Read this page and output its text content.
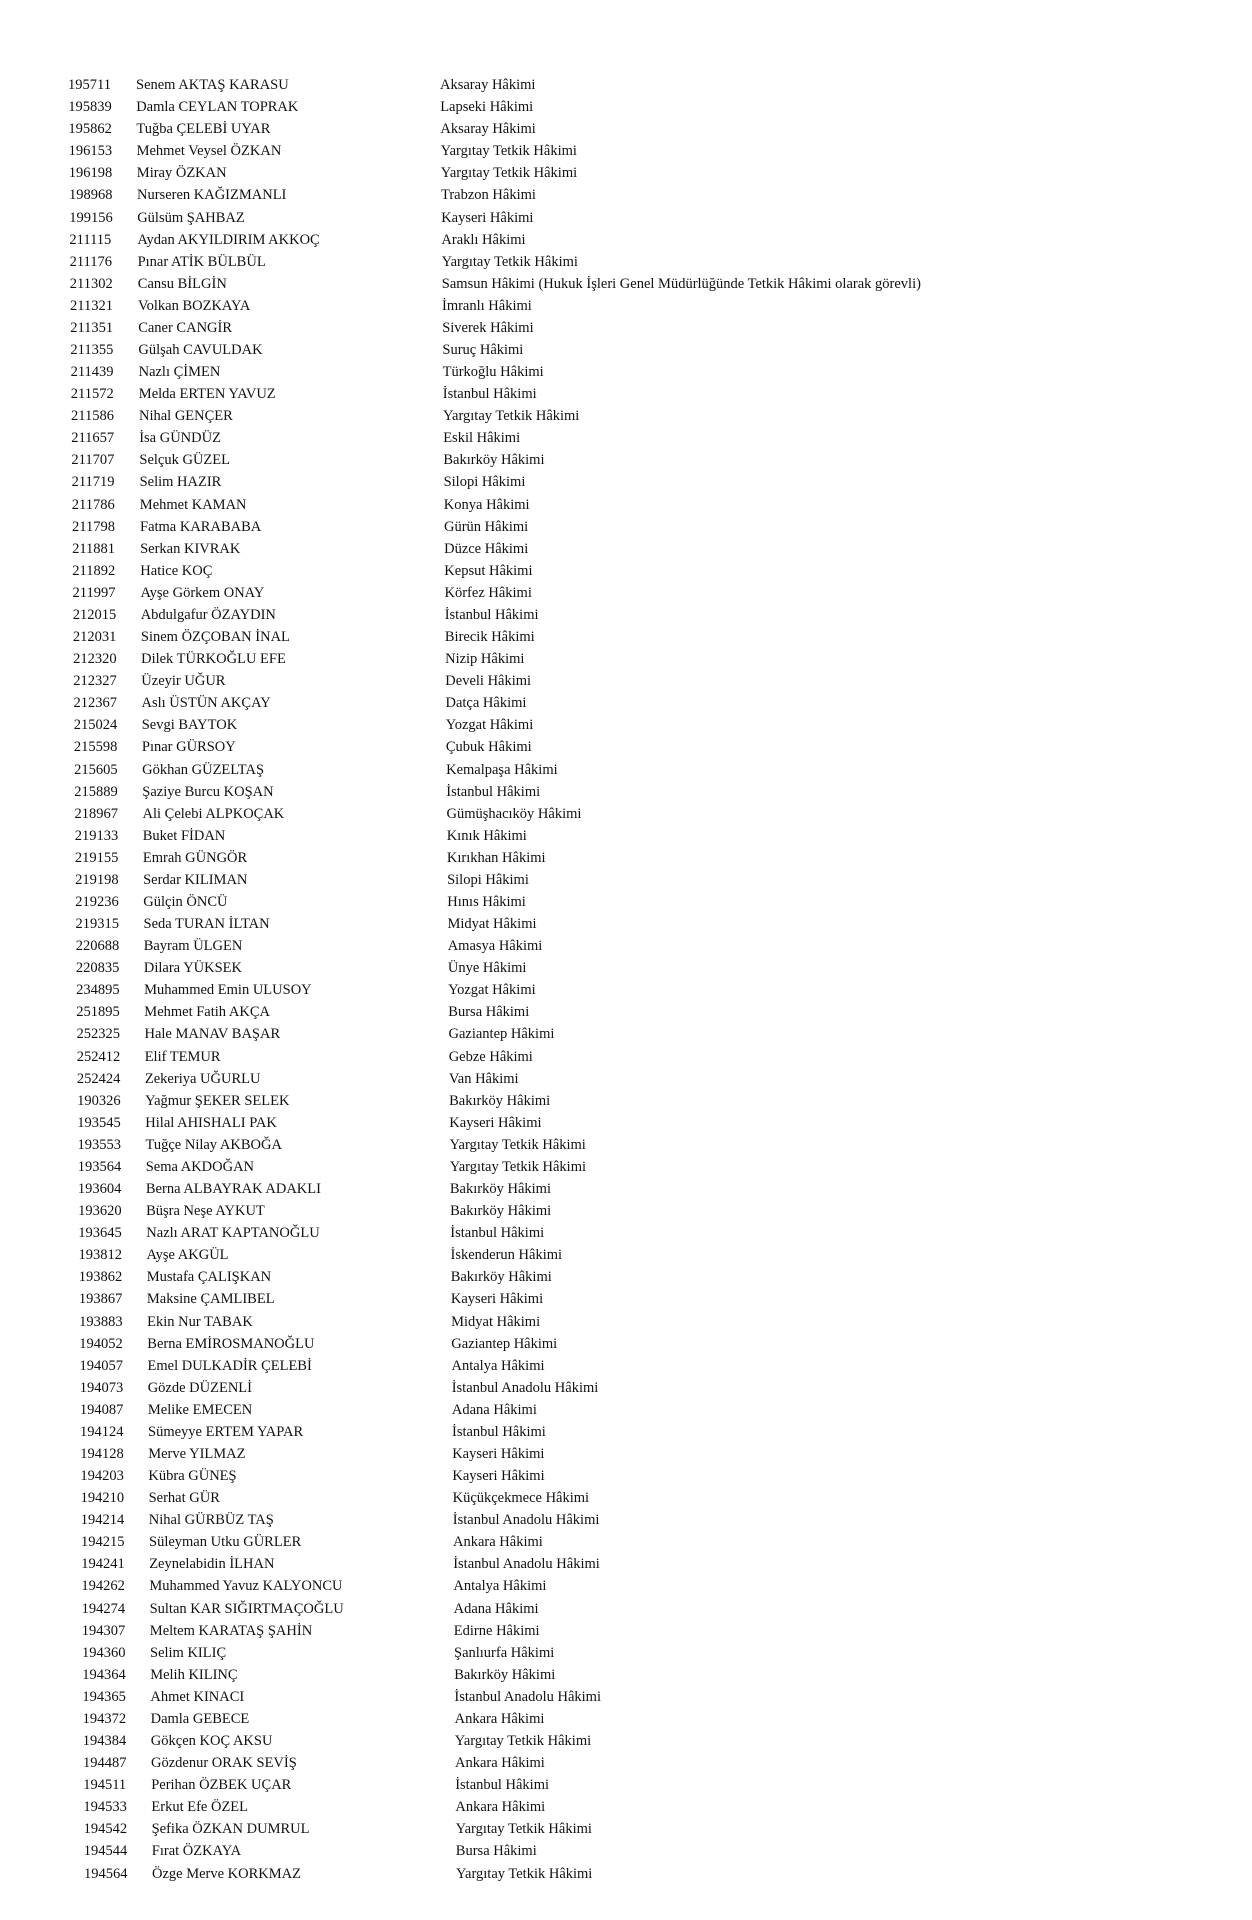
195711 Senem AKTAŞ KARASU	Aksaray Hâkimi
195839 Damla CEYLAN TOPRAK	Lapseki Hâkimi
195862 Tuğba ÇELEBİ UYAR	Aksaray Hâkimi
196153 Mehmet Veysel ÖZKAN	Yargıtay Tetkik Hâkimi
196198 Miray ÖZKAN	Yargıtay Tetkik Hâkimi
198968 Nurseren KAĞIZMANLI	Trabzon Hâkimi
199156 Gülsüm ŞAHBAZ	Kayseri Hâkimi
211115 Aydan AKYILDIRIM AKKOÇ	Araklı Hâkimi
211176 Pınar ATİK BÜLBÜL	Yargıtay Tetkik Hâkimi
211302 Cansu BİLGİN	Samsun Hâkimi (Hukuk İşleri Genel Müdürlüğünde Tetkik Hâkimi olarak görevli)
211321 Volkan BOZKAYA	İmranlı Hâkimi
211351 Caner CANGİR	Siverek Hâkimi
211355 Gülşah CAVULDAK	Suruç Hâkimi
211439 Nazlı ÇİMEN	Türkoğlu Hâkimi
211572 Melda ERTEN YAVUZ	İstanbul Hâkimi
211586 Nihal GENÇER	Yargıtay Tetkik Hâkimi
211657 İsa GÜNDÜZ	Eskil Hâkimi
211707 Selçuk GÜZEL	Bakırköy Hâkimi
211719 Selim HAZIR	Silopi Hâkimi
211786 Mehmet KAMAN	Konya Hâkimi
211798 Fatma KARABABA	Gürün Hâkimi
211881 Serkan KIVRAK	Düzce Hâkimi
211892 Hatice KOÇ	Kepsut Hâkimi
211997 Ayşe Görkem ONAY	Körfez Hâkimi
212015 Abdulgafur ÖZAYDIN	İstanbul Hâkimi
212031 Sinem ÖZÇOBAN İNAL	Birecik Hâkimi
212320 Dilek TÜRKOĞLU EFE	Nizip Hâkimi
212327 Üzeyir UĞUR	Develi Hâkimi
212367 Aslı ÜSTÜN AKÇAY	Datça Hâkimi
215024 Sevgi BAYTOK	Yozgat Hâkimi
215598 Pınar GÜRSOY	Çubuk Hâkimi
215605 Gökhan GÜZELTAŞ	Kemalpaşa Hâkimi
215889 Şaziye Burcu KOŞAN	İstanbul Hâkimi
218967 Ali Çelebi ALPKOÇAK	Gümüşhacıköy Hâkimi
219133 Buket FİDAN	Kınık Hâkimi
219155 Emrah GÜNGÖR	Kırıkhan Hâkimi
219198 Serdar KILIMAN	Silopi Hâkimi
219236 Gülçin ÖNCÜ	Hınıs Hâkimi
219315 Seda TURAN İLTAN	Midyat Hâkimi
220688 Bayram ÜLGEN	Amasya Hâkimi
220835 Dilara YÜKSEK	Ünye Hâkimi
234895 Muhammed Emin ULUSOY	Yozgat Hâkimi
251895 Mehmet Fatih AKÇA	Bursa Hâkimi
252325 Hale MANAV BAŞAR	Gaziantep Hâkimi
252412 Elif TEMUR	Gebze Hâkimi
252424 Zekeriya UĞURLU	Van Hâkimi
190326 Yağmur ŞEKER SELEK	Bakırköy Hâkimi
193545 Hilal AHISHALI PAK	Kayseri Hâkimi
193553 Tuğçe Nilay AKBOĞA	Yargıtay Tetkik Hâkimi
193564 Sema AKDOĞAN	Yargıtay Tetkik Hâkimi
193604 Berna ALBAYRAK ADAKLI	Bakırköy Hâkimi
193620 Büşra Neşe AYKUT	Bakırköy Hâkimi
193645 Nazlı ARAT KAPTANOĞLU	İstanbul Hâkimi
193812 Ayşe AKGÜL	İskenderun Hâkimi
193862 Mustafa ÇALIŞKAN	Bakırköy Hâkimi
193867 Maksine ÇAMLIBEL	Kayseri Hâkimi
193883 Ekin Nur TABAK	Midyat Hâkimi
194052 Berna EMİROSMANOĞLU	Gaziantep Hâkimi
194057 Emel DULKADİR ÇELEBİ	Antalya Hâkimi
194073 Gözde DÜZENLİ	İstanbul Anadolu Hâkimi
194087 Melike EMECEN	Adana Hâkimi
194124 Sümeyye ERTEM YAPAR	İstanbul Hâkimi
194128 Merve YILMAZ	Kayseri Hâkimi
194203 Kübra GÜNEŞ	Kayseri Hâkimi
194210 Serhat GÜR	Küçükçekmece Hâkimi
194214 Nihal GÜRBÜZ TAŞ	İstanbul Anadolu Hâkimi
194215 Süleyman Utku GÜRLER	Ankara Hâkimi
194241 Zeynelabidin İLHAN	İstanbul Anadolu Hâkimi
194262 Muhammed Yavuz KALYONCU	Antalya Hâkimi
194274 Sultan KAR SIĞIRTMAÇOĞLU	Adana Hâkimi
194307 Meltem KARATAŞ ŞAHİN	Edirne Hâkimi
194360 Selim KILIÇ	Şanlıurfa Hâkimi
194364 Melih KILINÇ	Bakırköy Hâkimi
194365 Ahmet KINACI	İstanbul Anadolu Hâkimi
194372 Damla GEBECE	Ankara Hâkimi
194384 Gökçen KOÇ AKSU	Yargıtay Tetkik Hâkimi
194487 Gözdenur ORAK SEVİŞ	Ankara Hâkimi
194511 Perihan ÖZBEK UÇAR	İstanbul Hâkimi
194533 Erkut Efe ÖZEL	Ankara Hâkimi
194542 Şefika ÖZKAN DUMRUL	Yargıtay Tetkik Hâkimi
194544 Fırat ÖZKAYA	Bursa Hâkimi
194564 Özge Merve KORKMAZ	Yargıtay Tetkik Hâkimi
